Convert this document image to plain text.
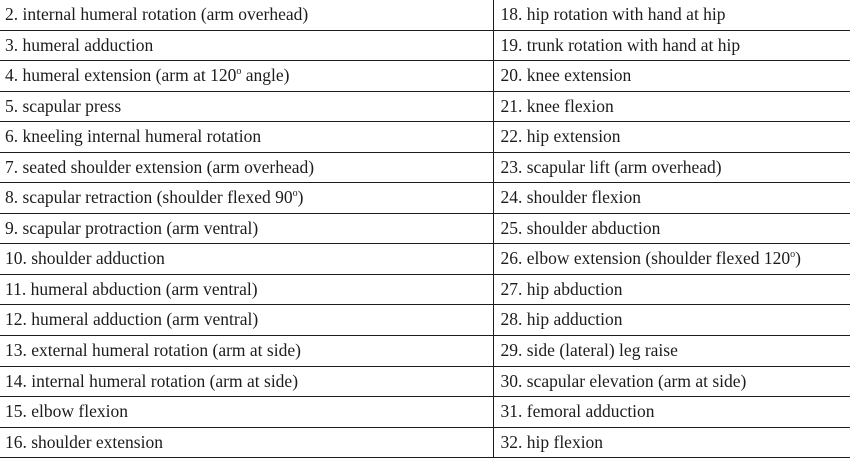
2. internal humeral rotation (arm overhead)	18. hip rotation with hand at hip
3. humeral adduction	19. trunk rotation with hand at hip
4. humeral extension (arm at 120$^o$ angle)	20. knee extension
5. scapular press	21. knee flexion
6. kneeling internal humeral rotation	22. hip extension
7. seated shoulder extension (arm overhead)	23. scapular lift (arm overhead)
8. scapular retraction (shoulder flexed 90$^o$)	24. shoulder flexion
9. scapular protraction (arm ventral)	25. shoulder abduction
10. shoulder adduction	26. elbow extension (shoulder flexed 120$^o$)
11. humeral abduction (arm ventral)	27. hip abduction
12. humeral adduction (arm ventral)	28. hip adduction
13. external humeral rotation (arm at side)	29. side (lateral) leg raise
14. internal humeral rotation (arm at side)	30. scapular elevation (arm at side)
15. elbow flexion	31. femoral adduction
16. shoulder extension	32. hip flexion
